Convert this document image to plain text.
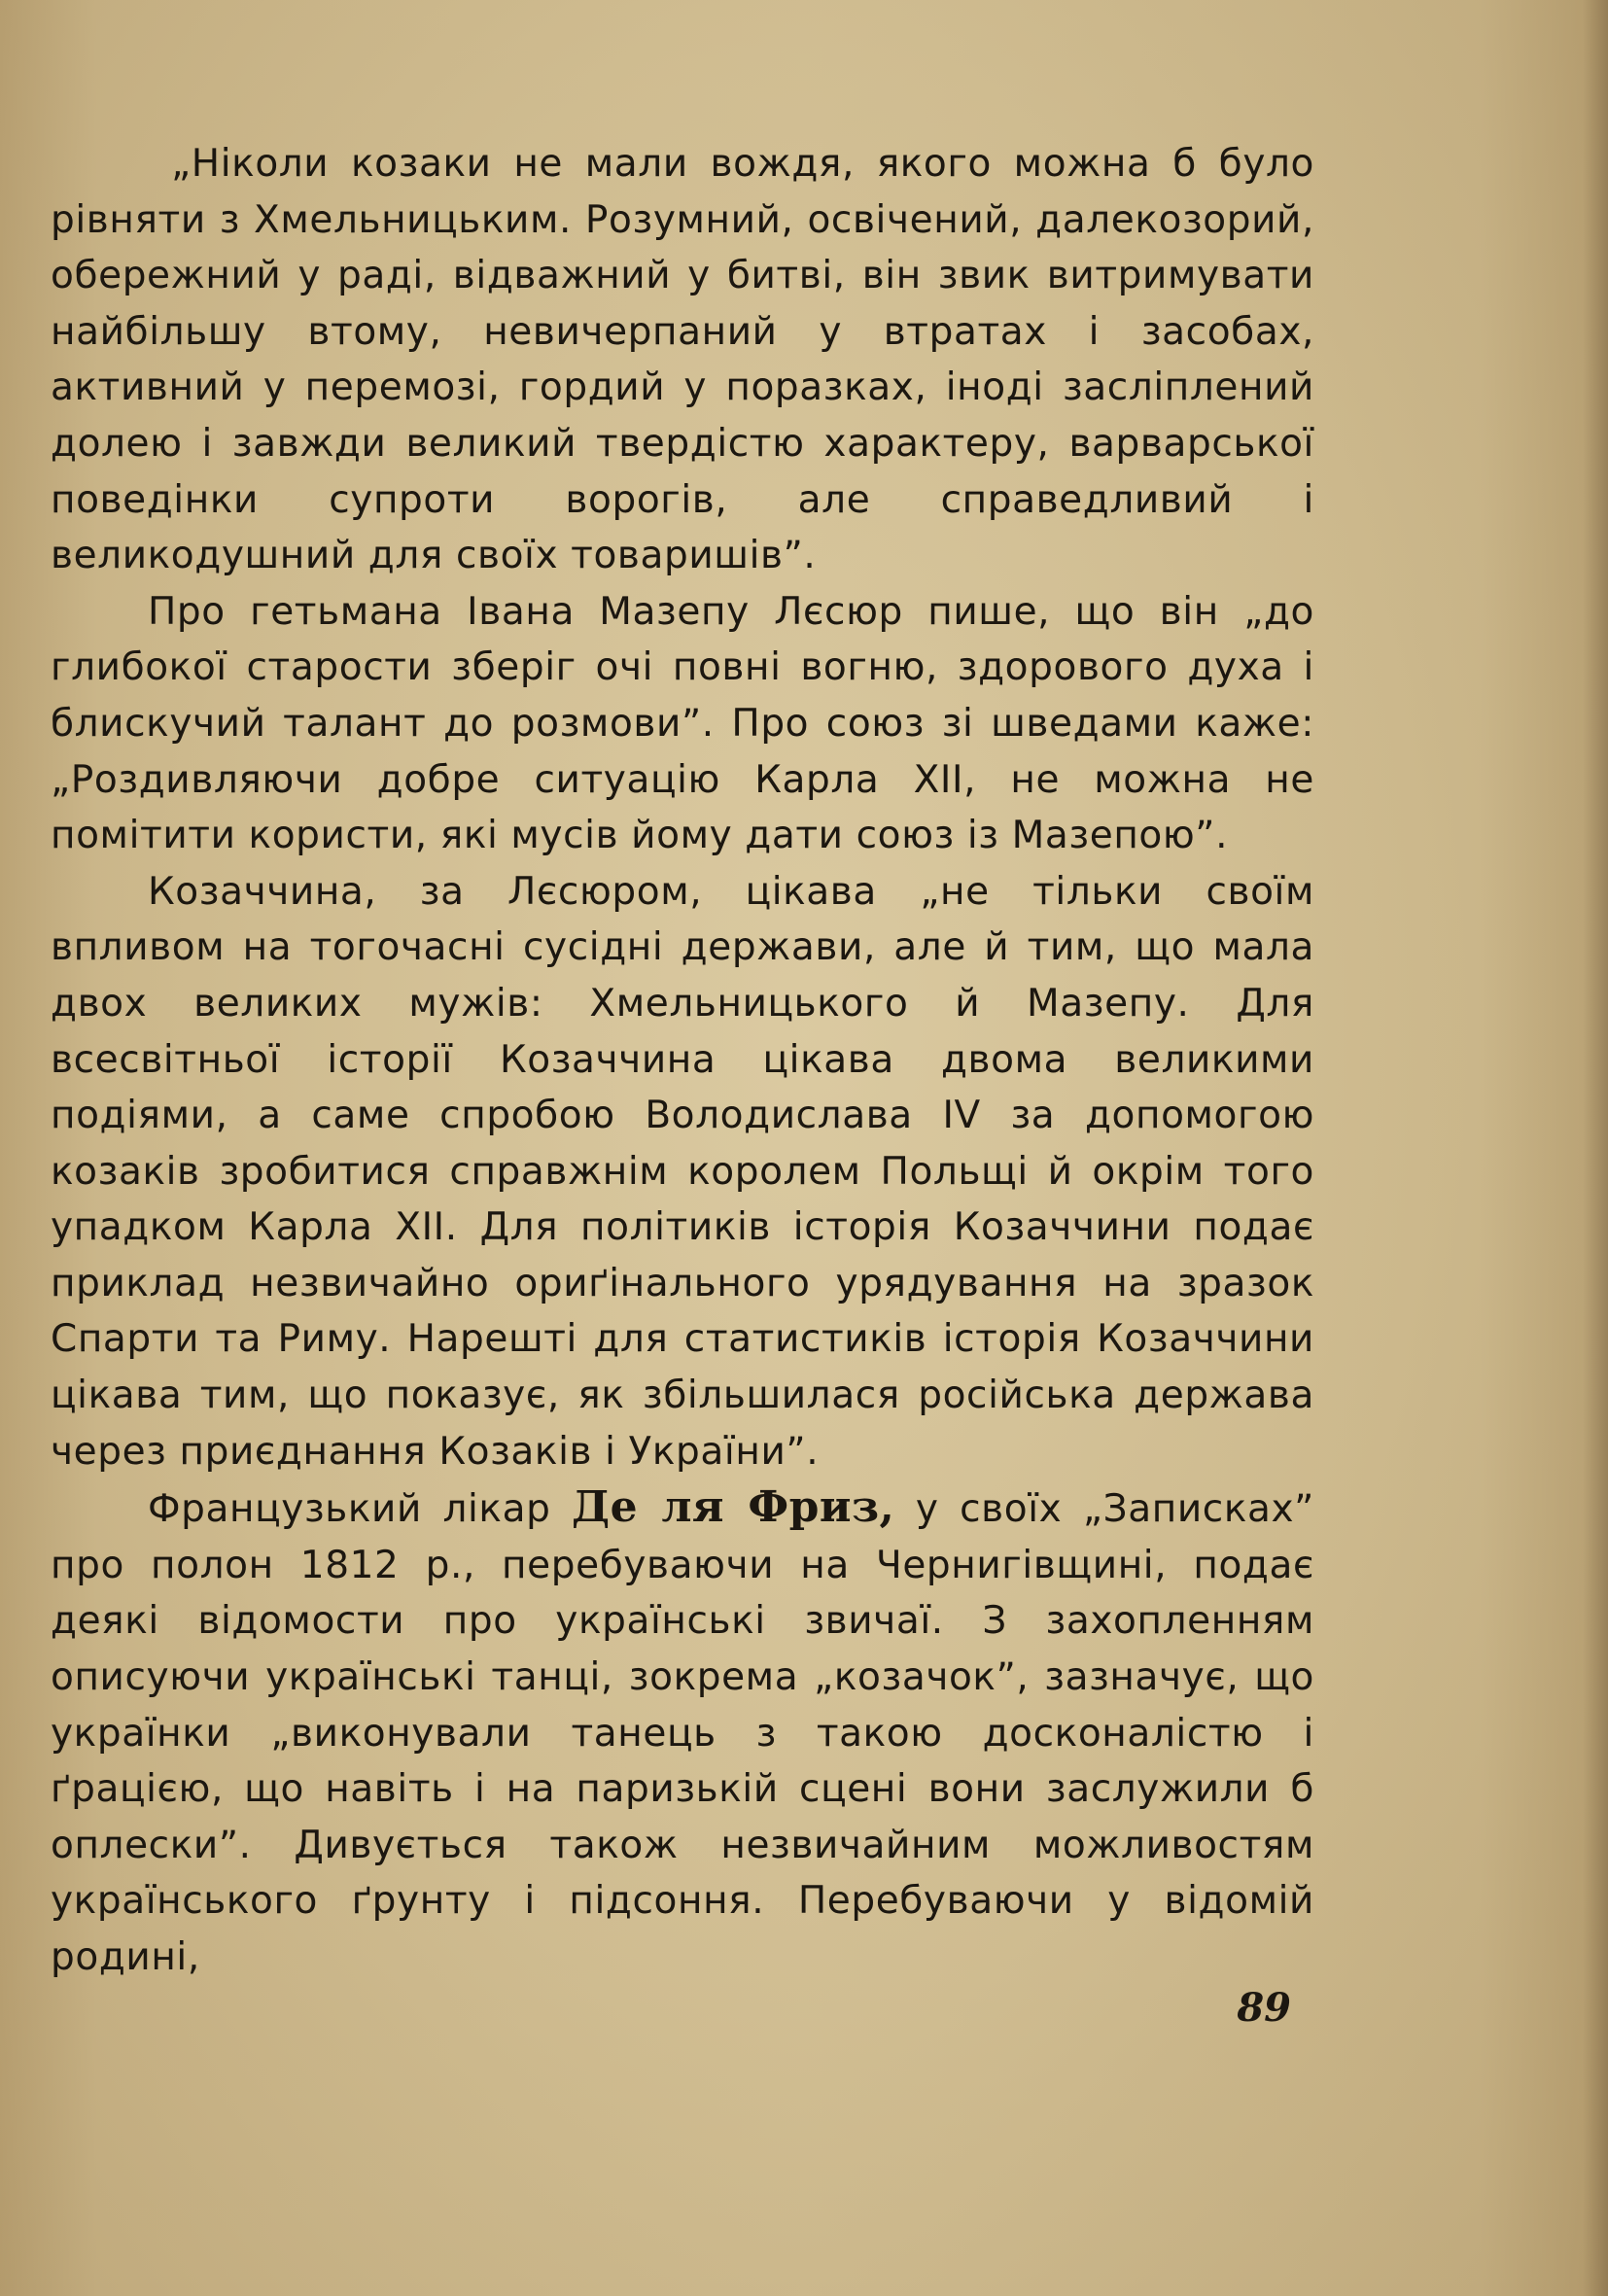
„Ніколи козаки не мали вождя, якого можна б було рівняти з Хмельницьким. Розумний, освічений, далекозорий, обережний у раді, відважний у битві, він звик витримувати найбільшу втому, невичерпаний у втратах і засобах, активний у перемозі, гордий у поразках, іноді засліплений долею і завжди великий твердістю характеру, варварської поведінки супроти ворогів, але справедливий і великодушний для своїх товаришів”.

Про гетьмана Івана Мазепу Лєсюр пише, що він „до глибокої старости зберіг очі повні вогню, здорового духа і блискучий талант до розмови”. Про союз зі шведами каже: „Роздивляючи добре ситуацію Карла XII, не можна не помітити користи, які мусів йому дати союз із Мазепою”.

Козаччина, за Лєсюром, цікава „не тільки своїм впливом на тогочасні сусідні держави, але й тим, що мала двох великих мужів: Хмельницького й Мазепу. Для всесвітньої історії Козаччина цікава двома великими подіями, а саме спробою Володислава IV за допомогою козаків зробитися справжнім королем Польщі й окрім того упадком Карла XII. Для політиків історія Козаччини подає приклад незвичайно ориґінального урядування на зразок Спарти та Риму. Нарешті для статистиків історія Козаччини цікава тим, що показує, як збільшилася російська держава через приєднання Козаків і України”.

Французький лікар Де ля Фриз, у своїх „Записках” про полон 1812 р., перебуваючи на Чернигівщині, подає деякі відомости про українські звичаї. З захопленням описуючи українські танці, зокрема „козачок”, зазначує, що українки „виконували танець з такою досконалістю і ґрацією, що навіть і на паризькій сцені вони заслужили б оплески”. Дивується також незвичайним можливостям українського ґрунту і підсоння. Перебуваючи у відомій родині,

89
